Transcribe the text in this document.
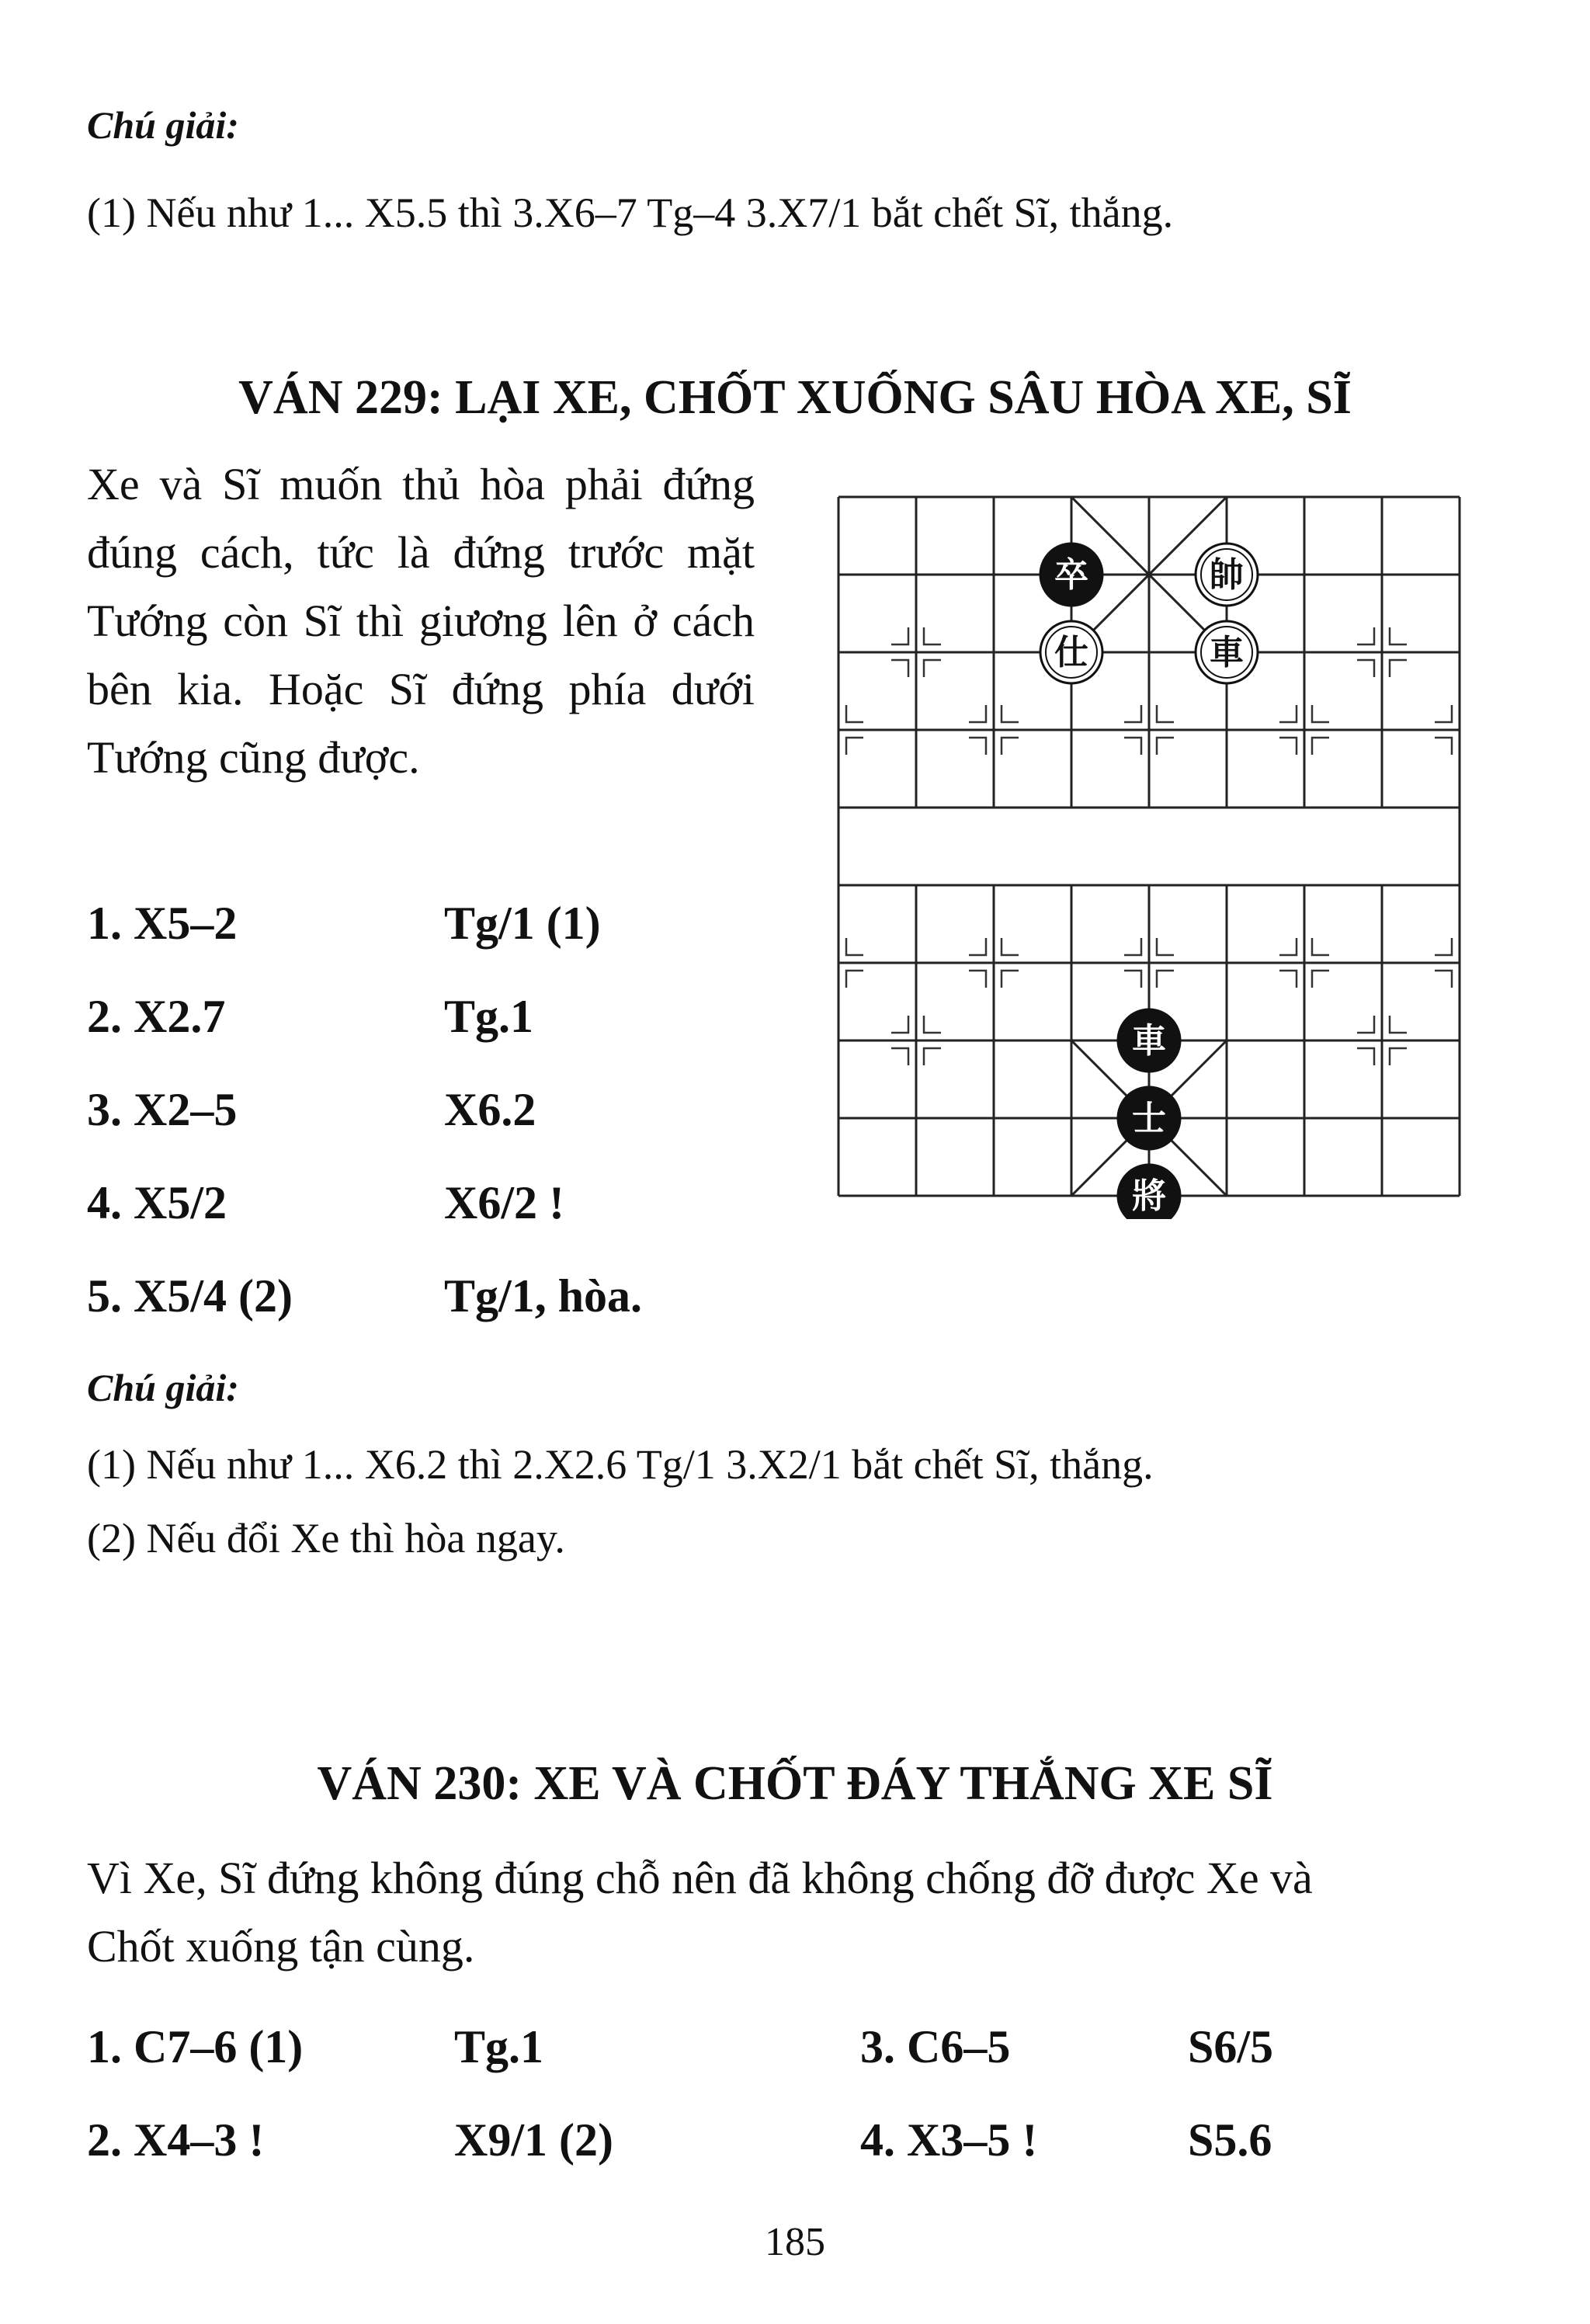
Chú giải:
(1) Nếu như 1... X5.5 thì 3.X6–7 Tg–4 3.X7/1 bắt chết Sĩ, thắng.
VÁN 229: LẠI XE, CHỐT XUỐNG SÂU HÒA XE, SĨ
Xe và Sĩ muốn thủ hòa phải đứng đúng cách, tức là đứng trước mặt Tướng còn Sĩ thì giương lên ở cách bên kia. Hoặc Sĩ đứng phía dưới Tướng cũng được.
1. X5–2	Tg/1 (1)
2. X2.7	Tg.1
3. X2–5	X6.2
4. X5/2	X6/2 !
5. X5/4 (2)	Tg/1, hòa.
Chú giải:
(1) Nếu như 1... X6.2 thì 2.X2.6 Tg/1 3.X2/1 bắt chết Sĩ, thắng.
(2) Nếu đổi Xe thì hòa ngay.
卒	帥
仕	車
車
士
將
VÁN 230: XE VÀ CHỐT ĐÁY THẮNG XE SĨ
Vì Xe, Sĩ đứng không đúng chỗ nên đã không chống đỡ được Xe và
Chốt xuống tận cùng.
1. C7–6 (1)	Tg.1	3. C6–5	S6/5
2. X4–3 !	X9/1 (2)	4. X3–5 !	S5.6
185
